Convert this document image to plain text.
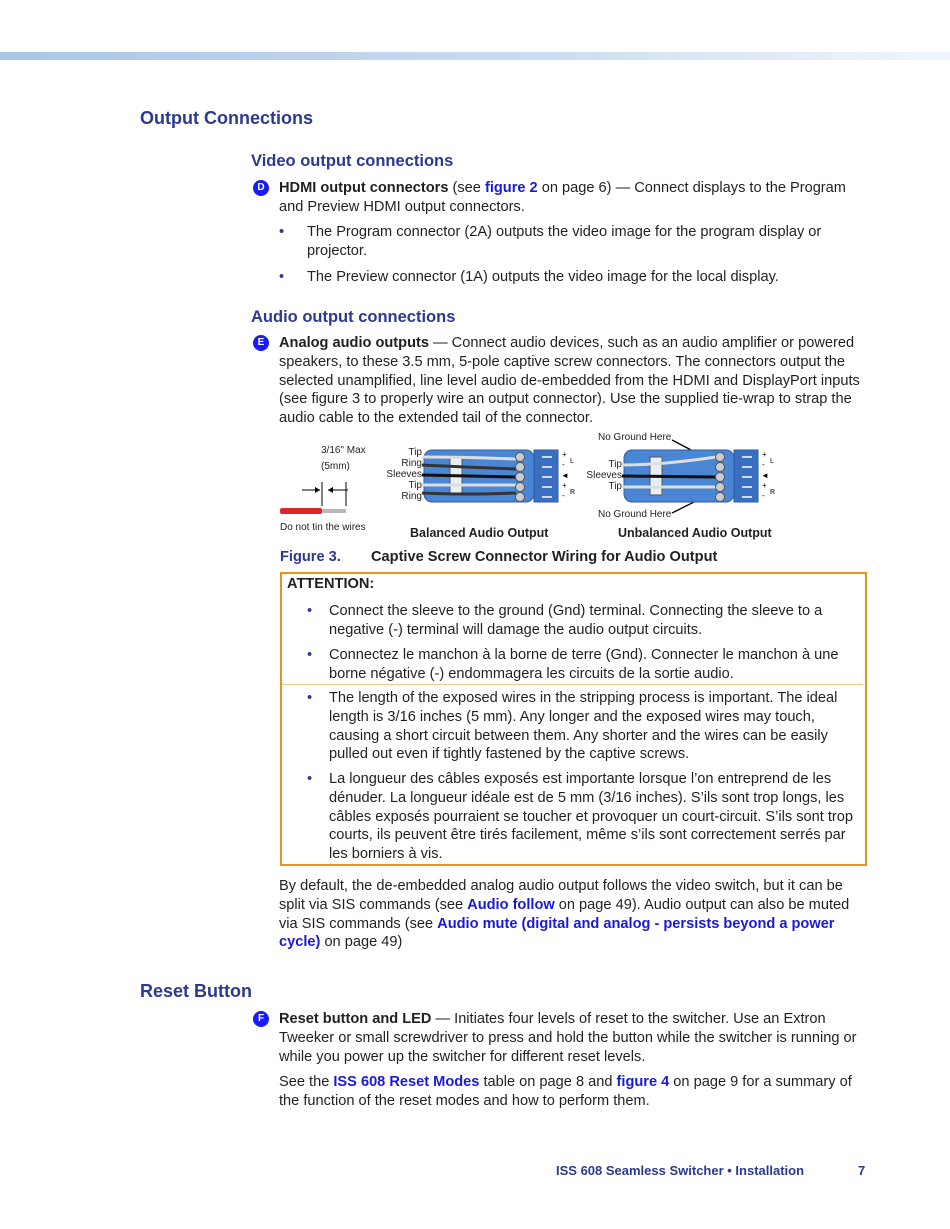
Output Connections
Video output connections
D HDMI output connectors (see figure 2 on page 6) — Connect displays to the Program and Preview HDMI output connectors.

• The Program connector (2A) outputs the video image for the program display or projector.
• The Preview connector (1A) outputs the video image for the local display.
Audio output connections
E	Analog audio outputs — Connect audio devices, such as an audio amplifier or powered speakers, to these 3.5 mm, 5-pole captive screw connectors. The connectors output the selected unamplified, line level audio de-embedded from the HDMI and DisplayPort inputs (see figure 3 to properly wire an output connector). Use the supplied tie-wrap to strap the audio cable to the extended tail of the connector.

3/16" Max
(5mm)
Do not tin the wires
Tip
Ring
Sleeves
Tip
Ring
+
-
◄
+
-
L
R
No Ground Here
No Ground Here
Tip
Sleeves
Tip
+
-
◄
+
-
L
R
Balanced Audio Output	Unbalanced Audio Output
Figure 3. Captive Screw Connector Wiring for Audio Output
ATTENTION:
• Connect the sleeve to the ground (Gnd) terminal. Connecting the sleeve to a negative (-) terminal will damage the audio output circuits.
• Connectez le manchon à la borne de terre (Gnd). Connecter le manchon à une borne négative (-) endommagera les circuits de la sortie audio.
• The length of the exposed wires in the stripping process is important. The ideal length is 3/16 inches (5 mm). Any longer and the exposed wires may touch, causing a short circuit between them. Any shorter and the wires can be easily pulled out even if tightly fastened by the captive screws.
• La longueur des câbles exposés est importante lorsque l’on entreprend de les dénuder. La longueur idéale est de 5 mm (3/16 inches). S’ils sont trop longs, les câbles exposés pourraient se toucher et provoquer un court-circuit. S’ils sont trop courts, ils peuvent être tirés facilement, même s’ils sont correctement serrés par les borniers à vis.

By default, the de-embedded analog audio output follows the video switch, but it can be split via SIS commands (see Audio follow on page 49). Audio output can also be muted via SIS commands (see Audio mute (digital and analog - persists beyond a power cycle) on page 49)

Reset Button
F	Reset button and LED — Initiates four levels of reset to the switcher. Use an Extron Tweeker or small screwdriver to press and hold the button while the switcher is running or while you power up the switcher for different reset levels.

See the ISS 608 Reset Modes table on page 8 and figure 4 on page 9 for a summary of the function of the reset modes and how to perform them.

ISS 608 Seamless Switcher • Installation	7
